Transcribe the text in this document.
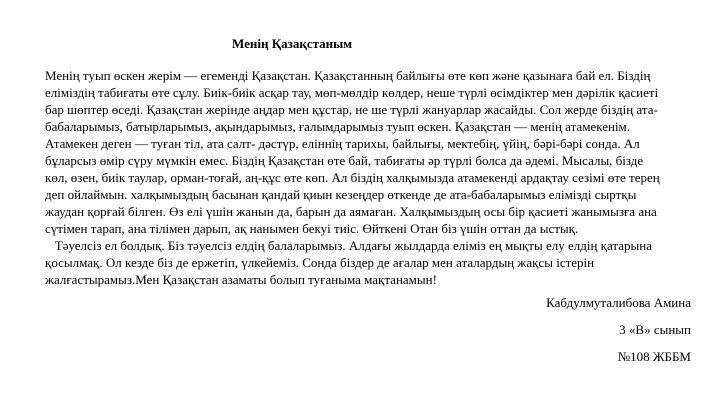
Менің Қазақстаным
Менің туып өскен жерім — егеменді Қазақстан. Қазақстанның байлығы өте көп және қазынаға бай ел. Біздің
еліміздің табиғаты өте сұлу. Биік-биік асқар тау, мөп-мөлдір көлдер, неше түрлі өсімдіктер мен дәрілік қасиеті
бар шөптер өседі. Қазақстан жерінде аңдар мен құстар, не ше түрлі жануарлар жасайды. Сол жерде біздің ата-
бабаларымыз, батырларымыз, ақындарымыз, ғалымдарымыз туып өскен. Қазақстан — менің атамекенім.
Атамекен деген — туған тіл, ата салт- дәстүр, еліннің тарихы, байлығы, мектебің, үйің, бәрі-бәрі сонда. Ал
бұларсыз өмір сүру мүмкін емес. Біздің Қазақстан өте бай, табиғаты әр түрлі болса да әдемі. Мысалы, бізде
көл, өзен, биік таулар, орман-тоғай, аң-құс өте көп. Ал біздің халқымызда атамекенді ардақтау сезімі өте терең
деп ойлаймын. халқымыздың басынан қандай қиын кезеңдер өткенде де ата-бабаларымыз елімізді сыртқы
жаудан қорғай білген. Өз елі үшін жанын да, барын да аямаған. Халқымыздың осы бір қасиеті жанымызға ана
сүтімен тарап, ана тілімен дарып, ақ нанымен бекуі тиіс. Өйткені Отан біз үшін оттан да ыстық.
Тәуелсіз ел болдық. Біз тәуелсіз елдің балаларымыз. Алдағы жылдарда еліміз ең мықты елу елдің қатарына
қосылмақ. Ол кезде біз де ержетіп, үлкейеміз. Сонда біздер де ағалар мен аталардың жақсы істерін
жалғастырамыз.Мен Қазақстан азаматы болып туғаныма мақтанамын!
Кабдулмуталибова Амина
3 «В» сынып
№108 ЖББМ
